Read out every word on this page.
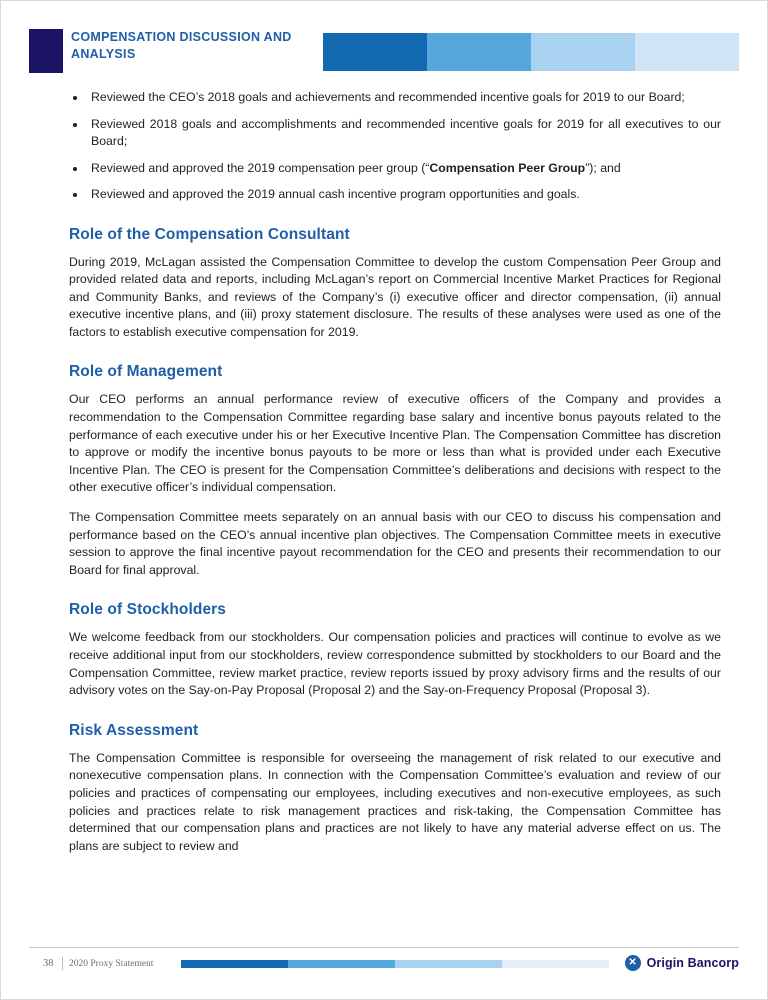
COMPENSATION DISCUSSION AND ANALYSIS
Reviewed the CEO’s 2018 goals and achievements and recommended incentive goals for 2019 to our Board;
Reviewed 2018 goals and accomplishments and recommended incentive goals for 2019 for all executives to our Board;
Reviewed and approved the 2019 compensation peer group (“Compensation Peer Group”); and
Reviewed and approved the 2019 annual cash incentive program opportunities and goals.
Role of the Compensation Consultant

During 2019, McLagan assisted the Compensation Committee to develop the custom Compensation Peer Group and provided related data and reports, including McLagan’s report on Commercial Incentive Market Practices for Regional and Community Banks, and reviews of the Company’s (i) executive officer and director compensation, (ii) annual executive incentive plans, and (iii) proxy statement disclosure. The results of these analyses were used as one of the factors to establish executive compensation for 2019.

Role of Management

Our CEO performs an annual performance review of executive officers of the Company and provides a recommendation to the Compensation Committee regarding base salary and incentive bonus payouts related to the performance of each executive under his or her Executive Incentive Plan. The Compensation Committee has discretion to approve or modify the incentive bonus payouts to be more or less than what is provided under each Executive Incentive Plan. The CEO is present for the Compensation Committee’s deliberations and decisions with respect to the other executive officer’s individual compensation.

The Compensation Committee meets separately on an annual basis with our CEO to discuss his compensation and performance based on the CEO’s annual incentive plan objectives. The Compensation Committee meets in executive session to approve the final incentive payout recommendation for the CEO and presents their recommendation to our Board for final approval.

Role of Stockholders

We welcome feedback from our stockholders. Our compensation policies and practices will continue to evolve as we receive additional input from our stockholders, review correspondence submitted by stockholders to our Board and the Compensation Committee, review market practice, review reports issued by proxy advisory firms and the results of our advisory votes on the Say-on-Pay Proposal (Proposal 2) and the Say-on-Frequency Proposal (Proposal 3).

Risk Assessment

The Compensation Committee is responsible for overseeing the management of risk related to our executive and nonexecutive compensation plans. In connection with the Compensation Committee’s evaluation and review of our policies and practices of compensating our employees, including executives and non-executive employees, as such policies and practices relate to risk management practices and risk-taking, the Compensation Committee has determined that our compensation plans and practices are not likely to have any material adverse effect on us. The plans are subject to review and

38 2020 Proxy Statement	✕ Origin Bancorp
